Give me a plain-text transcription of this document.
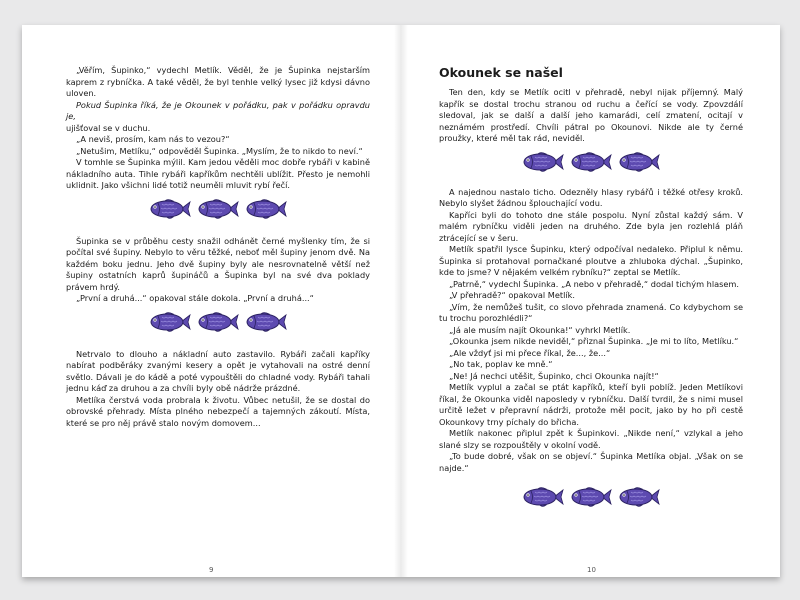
„Věřím, Šupinko,“ vydechl Metlík. Věděl, že je Šupinka nejstarším kaprem z rybníčka. A také věděl, že byl tenhle velký lysec již kdysi dávno uloven.

Pokud Šupinka říká, že je Okounek v pořádku, pak v pořádku opravdu je,

ujišťoval se v duchu.

„A neviš, prosím, kam nás to vezou?“

„Netušim, Metlíku,“ odpověděl Šupinka. „Myslím, že to nikdo to neví.“

V tomhle se Šupinka mýlil. Kam jedou věděli moc dobře rybáři v kabině nákladního auta. Tihle rybáři kapříkům nechtěli ublížit. Přesto je nemohli uklidnit. Jako všichni lidé totiž neuměli mluvit rybí řečí.

Šupinka se v průběhu cesty snažil odhánět černé myšlenky tím, že si počítal své šupiny. Nebylo to věru těžké, neboť měl šupiny jenom dvě. Na každém boku jednu. Jeho dvě šupiny byly ale nesrovnatelně větší než šupiny ostatních kaprů šupináčů a Šupinka byl na své dva poklady právem hrdý.

„První a druhá...“ opakoval stále dokola. „První a druhá...“

Netrvalo to dlouho a nákladní auto zastavilo. Rybáři začali kapříky nabírat podběráky zvanými kesery a opět je vytahovali na ostré denní světlo. Dávali je do kádě a poté vypouštěli do chladné vody. Rybáři tahali jednu káď za druhou a za chvíli byly obě nádrže prázdné.

Metlíka čerstvá voda probrala k životu. Vůbec netušil, že se dostal do obrovské přehrady. Místa plného nebezpečí a tajemných zákoutí. Místa, které se pro něj právě stalo novým domovem...

9
Okounek se našel

Ten den, kdy se Metlík ocitl v přehradě, nebyl nijak příjemný. Malý kapřík se dostal trochu stranou od ruchu a čeřící se vody. Zpovzdálí sledoval, jak se další a další jeho kamarádi, celí zmatení, ocitají v neznámém prostředí. Chvíli pátral po Okounovi. Nikde ale ty černé proužky, které měl tak rád, neviděl.

A najednou nastalo ticho. Odezněly hlasy rybářů i těžké otřesy kroků. Nebylo slyšet žádnou šplouchající vodu.

Kapříci byli do tohoto dne stále pospolu. Nyní zůstal každý sám. V malém rybníčku viděli jeden na druhého. Zde byla jen rozlehlá pláň ztrácející se v šeru.

Metlík spatřil lysce Šupinku, který odpočíval nedaleko. Připlul k němu. Šupinka si protahoval pornačkané ploutve a zhluboka dýchal. „Šupinko, kde to jsme? V nějakém velkém rybníku?“ zeptal se Metlík.

„Patrně,“ vydechl Šupinka. „A nebo v přehradě,“ dodal tichým hlasem.

„V přehradě?“ opakoval Metlík.

„Vím, že nemůžeš tušit, co slovo přehrada znamená. Co kdybychom se tu trochu porozhlédli?“

„Já ale musím najít Okounka!“ vyhrkl Metlík.

„Okounka jsem nikde neviděl,“ přiznal Šupinka. „Je mi to líto, Metlíku.“

„Ale vždyť jsi mi přece říkal, že..., že...“

„No tak, poplav ke mně.“

„Ne! Já nechci utěšit, Šupinko, chci Okounka najít!“

Metlík vyplul a začal se ptát kapříků, kteří byli poblíž. Jeden Metlíkovi říkal, že Okounka viděl naposledy v rybníčku. Další tvrdil, že s nimi musel určitě ležet v přepravní nádrži, protože měl pocit, jako by ho při cestě Okounkovy trny píchaly do břicha.

Metlík nakonec připlul zpět k Šupinkovi. „Nikde není,“ vzlykal a jeho slané slzy se rozpouštěly v okolní vodě.

„To bude dobré, však on se objeví.“ Šupinka Metlíka objal. „Však on se najde.“

10
